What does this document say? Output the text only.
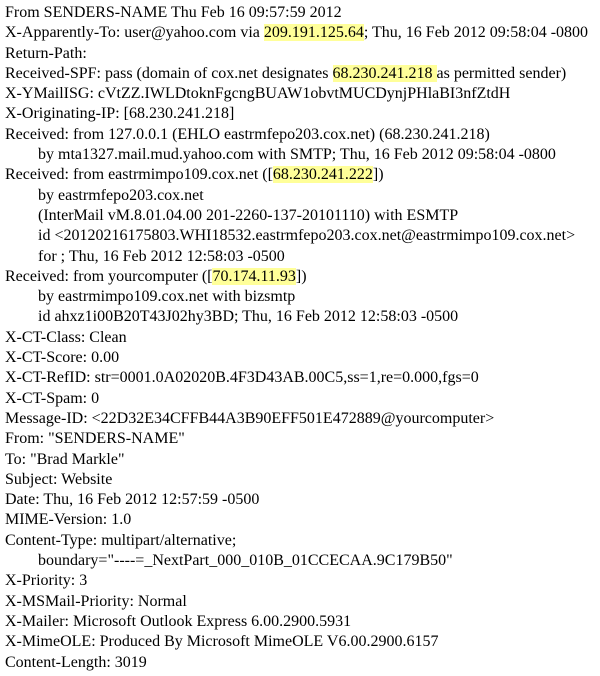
From SENDERS-NAME Thu Feb 16 09:57:59 2012
X-Apparently-To: user@yahoo.com via 209.191.125.64; Thu, 16 Feb 2012 09:58:04 -0800
Return-Path:
Received-SPF: pass (domain of cox.net designates 68.230.241.218 as permitted sender)
X-YMailISG: cVtZZ.IWLDtoknFgcngBUAW1obvtMUCDynjPHlaBI3nfZtdH
X-Originating-IP: [68.230.241.218]
Received: from 127.0.0.1 (EHLO eastrmfepo203.cox.net) (68.230.241.218)
by mta1327.mail.mud.yahoo.com with SMTP; Thu, 16 Feb 2012 09:58:04 -0800
Received: from eastrmimpo109.cox.net ([68.230.241.222])
by eastrmfepo203.cox.net
(InterMail vM.8.01.04.00 201-2260-137-20101110) with ESMTP
id <20120216175803.WHI18532.eastrmfepo203.cox.net@eastrmimpo109.cox.net>
for ; Thu, 16 Feb 2012 12:58:03 -0500
Received: from yourcomputer ([70.174.11.93])
by eastrmimpo109.cox.net with bizsmtp
id ahxz1i00B20T43J02hy3BD; Thu, 16 Feb 2012 12:58:03 -0500
X-CT-Class: Clean
X-CT-Score: 0.00
X-CT-RefID: str=0001.0A02020B.4F3D43AB.00C5,ss=1,re=0.000,fgs=0
X-CT-Spam: 0
Message-ID: <22D32E34CFFB44A3B90EFF501E472889@yourcomputer>
From: "SENDERS-NAME"
To: "Brad Markle"
Subject: Website
Date: Thu, 16 Feb 2012 12:57:59 -0500
MIME-Version: 1.0
Content-Type: multipart/alternative;
boundary="----=_NextPart_000_010B_01CCECAA.9C179B50"
X-Priority: 3
X-MSMail-Priority: Normal
X-Mailer: Microsoft Outlook Express 6.00.2900.5931
X-MimeOLE: Produced By Microsoft MimeOLE V6.00.2900.6157
Content-Length: 3019
